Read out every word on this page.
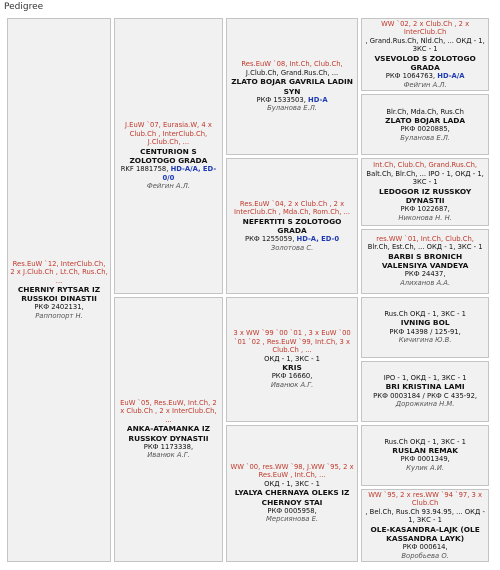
Pedigree
Res.EuW `12, InterClub.Ch, 2 x J.Club.Ch , Lt.Ch, Rus.Ch, ...
CHERNIY RYTSAR IZ RUSSKOI DINASTII
РКФ 2402131,
Раппопорт Н.	J.EuW `07, Eurasia.W, 4 x Club.Ch , InterClub.Ch, J.Club.Ch, ...
CENTURION S ZOLOTOGO GRADA
RKF 1881758, HD-A/A, ED-0/0
Фейгин А.Л.	Res.EuW `08, Int.Ch, Club.Ch,
J.Club.Ch, Grand.Rus.Ch, ...
ZLATO BOJAR GAVRILA LADIN SYN
РКФ 1533503, HD-A
Буланова Е.Л.	WW `02, 2 x Club.Ch , 2 x InterClub.Ch
, Grand.Rus.Ch, Nld.Ch, ... ОКД - 1, ЗКС - 1
VSEVOLOD S ZOLOTOGO GRADA
РКФ 1064763, HD-A/A
Фейгин А.Л.

			Blr.Ch, Mda.Ch, Rus.Ch
ZLATO BOJAR LADA
РКФ 0020885,
Буланова Е.Л.

		Res.EuW `04, 2 x Club.Ch , 2 x InterClub.Ch , Mda.Ch, Rom.Ch, ...
NEFERTITI S ZOLOTOGO GRADA
РКФ 1255059, HD-A, ED-0
Золотова С.	Int.Ch, Club.Ch, Grand.Rus.Ch,
Balt.Ch, Blr.Ch, ... IPO - 1, ОКД - 1, ЗКС - 1
LEDOGOR IZ RUSSKOY DYNASTII
РКФ 1022687,
Никонова Н. Н.

			res.WW `01, Int.Ch, Club.Ch,
Blr.Ch, Est.Ch, ... ОКД - 1, ЗКС - 1
BARBI S BRONICH VALENSIYA VANDEYA
РКФ 24437,
Алиханов А.А.

	EuW `05, Res.EuW, Int.Ch, 2 x Club.Ch , 2 x InterClub.Ch, ...
ANKA-ATAMANKA IZ RUSSKOY DYNASTII
РКФ 1173338,
Иванюк А.Г.	3 x WW `99 `00 `01 , 3 x EuW `00 `01 `02 , Res.EuW `99, Int.Ch, 3 x Club.Ch , ...
ОКД - 1, ЗКС - 1
KRIS
РКФ 16660,
Иванюк А.Г.	Rus.Ch ОКД - 1, ЗКС - 1
IVNING BOL
РКФ 14398 / 125-91,
Кичигина Ю.В.

			IPO - 1, ОКД - 1, ЗКС - 1
BRI KRISTINA LAMI
РКФ 0003184 / РКФ С 435-92,
Дорожкина Н.М.

		WW `00, res.WW `98, J.WW `95, 2 x Res.EuW , Int.Ch, ...
ОКД - 1, ЗКС - 1
LYALYA CHERNAYA OLEKS IZ CHERNOY STAI
РКФ 0005958,
Мерсиянова Е.	Rus.Ch ОКД - 1, ЗКС - 1
RUSLAN REMAK
РКФ 0001349,
Кулик А.И.

			WW `95, 2 x res.WW `94 `97, 3 x Club.Ch
, Bel.Ch, Rus.Ch 93.94.95, ... ОКД - 1, ЗКС - 1
OLE-KASANDRA-LAJK (OLE KASSANDRA LAYK)
РКФ 000614,
Воробьева О.
